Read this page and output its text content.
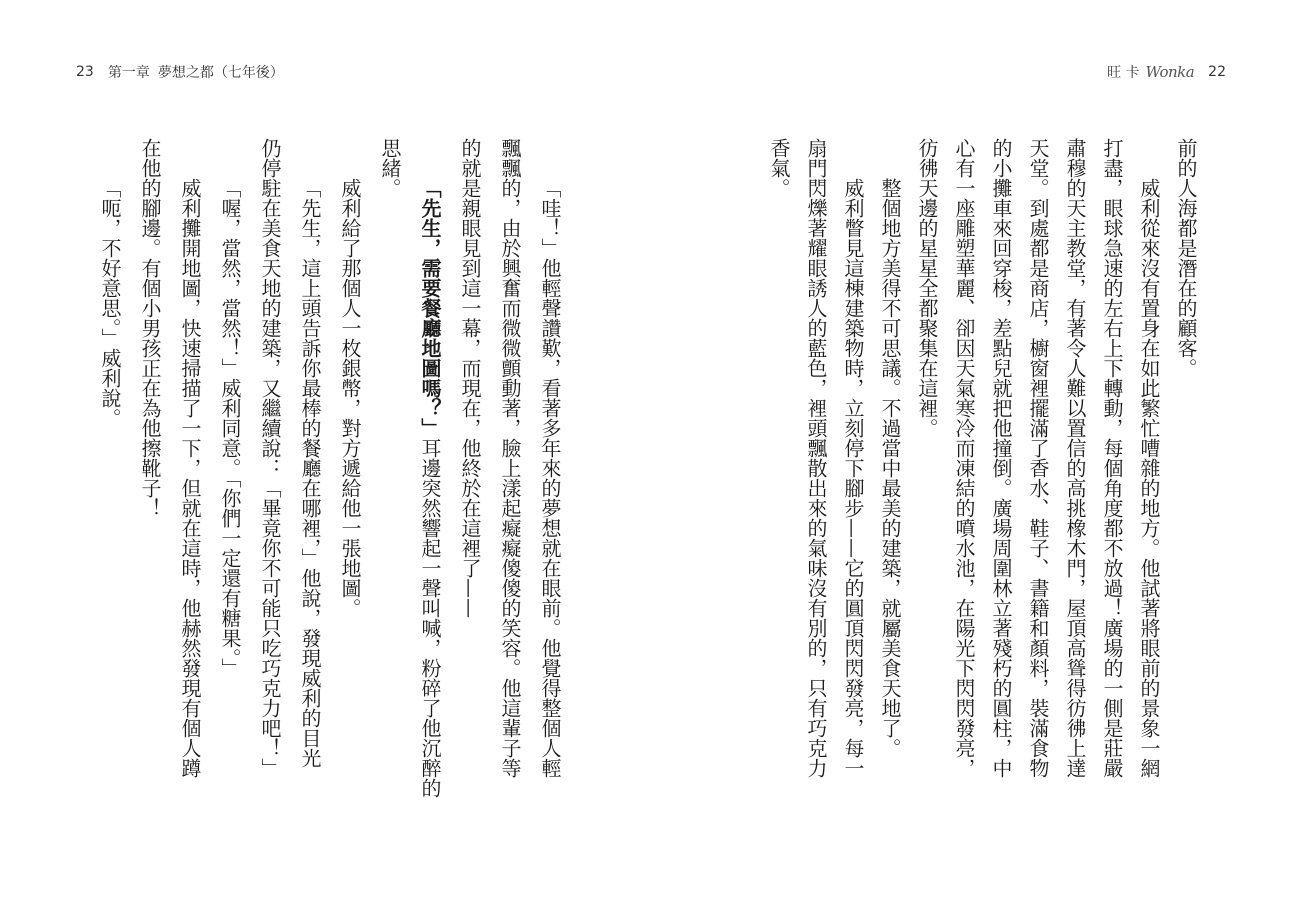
23 第一章 夢想之都（七年後）	旺 卡 Wonka 22
前的人海都是潛在的顧客。
威利從來沒有置身在如此繁忙嘈雜的地方。他試著將眼前的景象一網
打盡，眼球急速的左右上下轉動，每個角度都不放過！廣場的一側是莊嚴
肅穆的天主教堂，有著令人難以置信的高挑橡木門，屋頂高聳得彷彿上達
天堂。到處都是商店，櫥窗裡擺滿了香水、鞋子、書籍和顏料，裝滿食物
的小攤車來回穿梭，差點兒就把他撞倒。廣場周圍林立著殘朽的圓柱，中
心有一座雕塑華麗、卻因天氣寒冷而凍結的噴水池，在陽光下閃閃發亮，
彷彿天邊的星星全都聚集在這裡。
整個地方美得不可思議。不過當中最美的建築，就屬美食天地了。
威利瞥見這棟建築物時，立刻停下腳步——它的圓頂閃閃發亮，每一
扇門閃爍著耀眼誘人的藍色，裡頭飄散出來的氣味沒有別的，只有巧克力
香氣。
「哇！」他輕聲讚歎，看著多年來的夢想就在眼前。他覺得整個人輕
飄飄的，由於興奮而微微顫動著，臉上漾起癡癡傻傻的笑容。他這輩子等
的就是親眼見到這一幕，而現在，他終於在這裡了——
「先生，需要餐廳地圖嗎？」耳邊突然響起一聲叫喊，粉碎了他沉醉的
思緒。
威利給了那個人一枚銀幣，對方遞給他一張地圖。
「先生，這上頭告訴你最棒的餐廳在哪裡，」他說，發現威利的目光
仍停駐在美食天地的建築，又繼續說：「畢竟你不可能只吃巧克力吧！」
「喔，當然，當然！」威利同意。「你們一定還有糖果。」
威利攤開地圖，快速掃描了一下，但就在這時，他赫然發現有個人蹲
在他的腳邊。有個小男孩正在為他擦靴子！
「呃，不好意思。」威利說。
